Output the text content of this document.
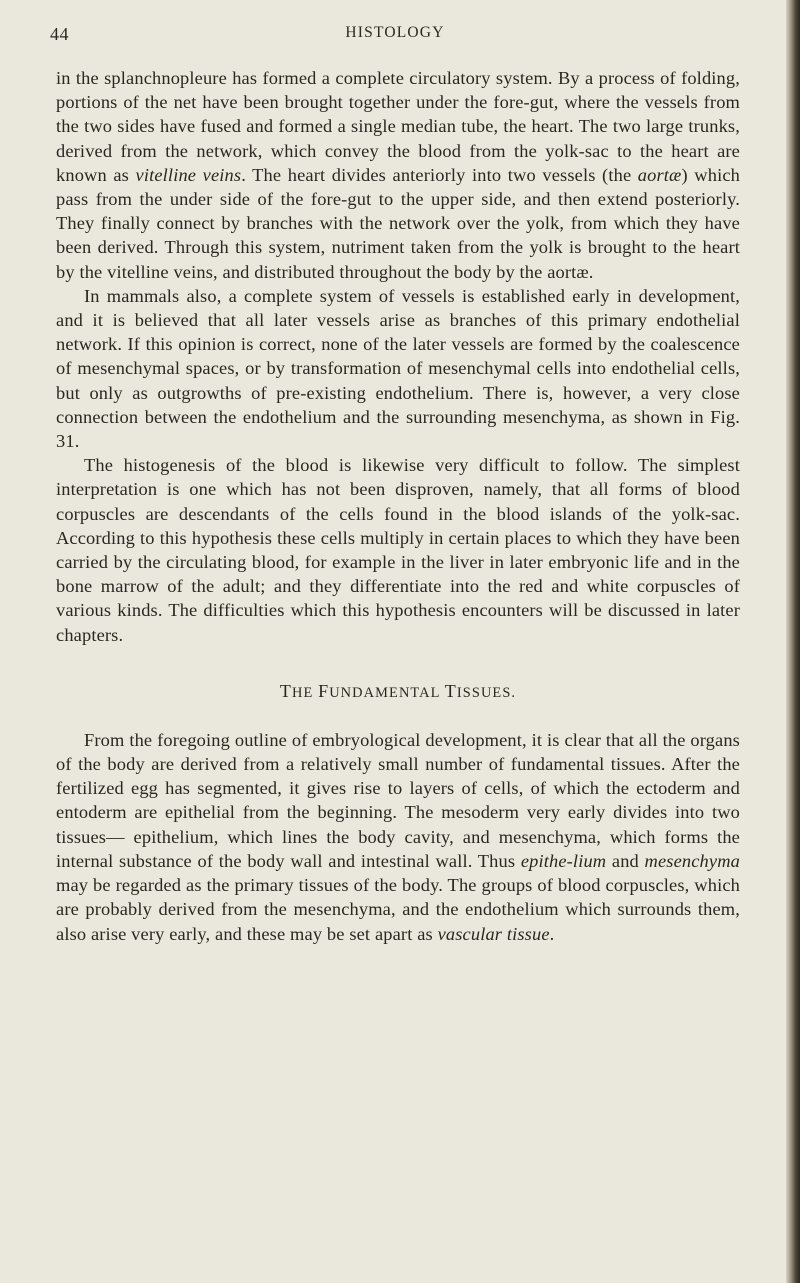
44	HISTOLOGY

in the splanchnopleure has formed a complete circulatory system. By a process of folding, portions of the net have been brought together under the fore-gut, where the vessels from the two sides have fused and formed a single median tube, the heart. The two large trunks, derived from the network, which convey the blood from the yolk-sac to the heart are known as vitelline veins. The heart divides anteriorly into two vessels (the aortæ) which pass from the under side of the fore-gut to the upper side, and then extend posteriorly. They finally connect by branches with the network over the yolk, from which they have been derived. Through this system, nutriment taken from the yolk is brought to the heart by the vitelline veins, and distributed throughout the body by the aortæ.

In mammals also, a complete system of vessels is established early in development, and it is believed that all later vessels arise as branches of this primary endothelial network. If this opinion is correct, none of the later vessels are formed by the coalescence of mesenchymal spaces, or by transformation of mesenchymal cells into endothelial cells, but only as outgrowths of pre-existing endothelium. There is, however, a very close connection between the endothelium and the surrounding mesenchyma, as shown in Fig. 31.

The histogenesis of the blood is likewise very difficult to follow. The simplest interpretation is one which has not been disproven, namely, that all forms of blood corpuscles are descendants of the cells found in the blood islands of the yolk-sac. According to this hypothesis these cells multiply in certain places to which they have been carried by the circulating blood, for example in the liver in later embryonic life and in the bone marrow of the adult; and they differentiate into the red and white corpuscles of various kinds. The difficulties which this hypothesis encounters will be discussed in later chapters.

THE FUNDAMENTAL TISSUES.

From the foregoing outline of embryological development, it is clear that all the organs of the body are derived from a relatively small number of fundamental tissues. After the fertilized egg has segmented, it gives rise to layers of cells, of which the ectoderm and entoderm are epithelial from the beginning. The mesoderm very early divides into two tissues— epithelium, which lines the body cavity, and mesenchyma, which forms the internal substance of the body wall and intestinal wall. Thus epithe-lium and mesenchyma may be regarded as the primary tissues of the body. The groups of blood corpuscles, which are probably derived from the mesenchyma, and the endothelium which surrounds them, also arise very early, and these may be set apart as vascular tissue.
